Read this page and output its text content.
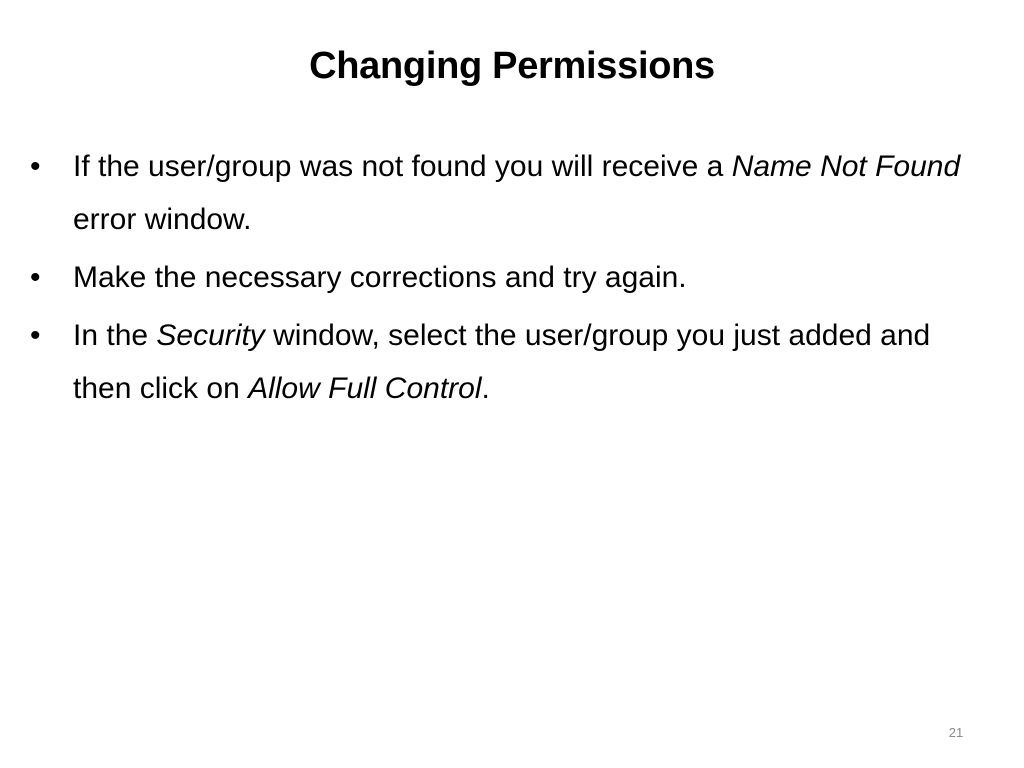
Changing Permissions
• If the user/group was not found you will receive a Name Not Found error window.
• Make the necessary corrections and try again.
• In the Security window, select the user/group you just added and then click on Allow Full Control.
21
